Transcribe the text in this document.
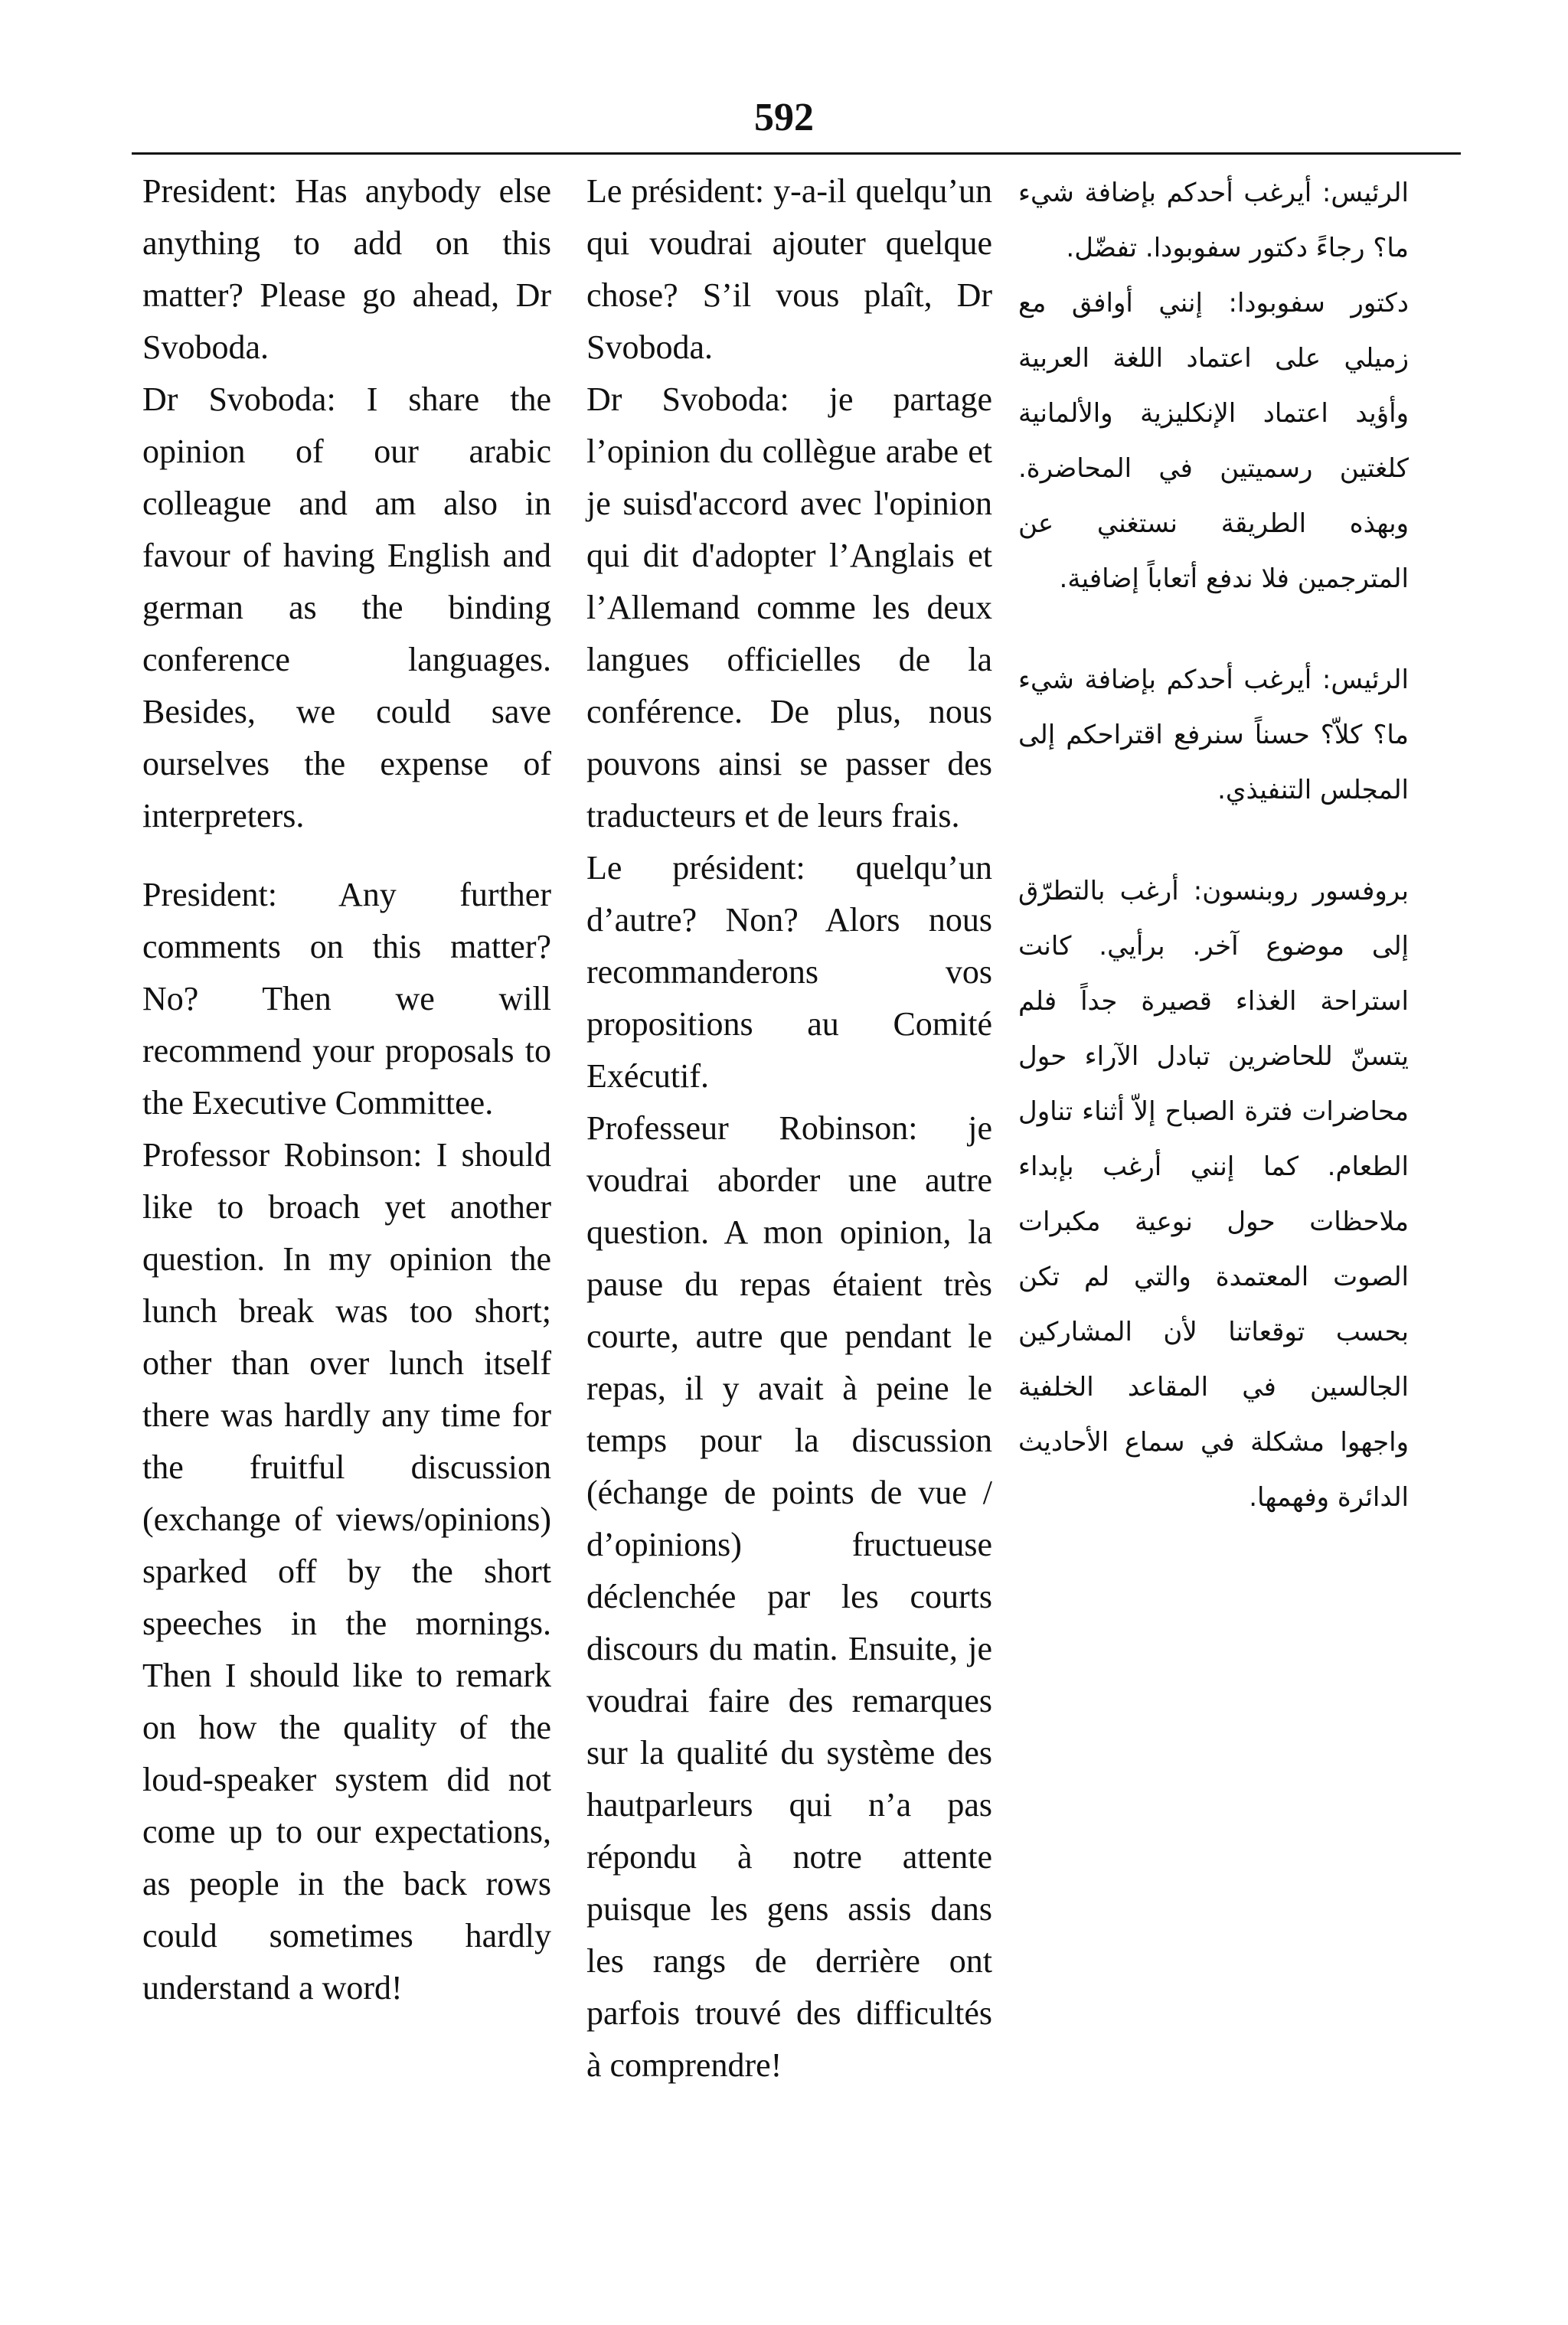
592

President: Has anybody else anything to add on this matter? Please go ahead, Dr Svoboda.

Dr Svoboda: I share the opinion of our arabic colleague and am also in favour of having English and german as the binding conference languages. Besides, we could save ourselves the expense of interpreters.

President: Any further comments on this matter? No? Then we will recommend your proposals to the Executive Committee.

Professor Robinson: I should like to broach yet another question. In my opinion the lunch break was too short; other than over lunch itself there was hardly any time for the fruitful discussion (exchange of views/opinions) sparked off by the short speeches in the mornings. Then I should like to remark on how the quality of the loud-speaker system did not come up to our expectations, as people in the back rows could sometimes hardly understand a word!

Le président: y-a-il quelqu’un qui voudrai ajouter quelque chose? S’il vous plaît, Dr Svoboda.

Dr Svoboda: je partage l’opinion du collègue arabe et je suisd'accord avec l'opinion qui dit d'adopter l’Anglais et l’Allemand comme les deux langues officielles de la conférence. De plus, nous pouvons ainsi se passer des traducteurs et de leurs frais.

Le président: quelqu’un d’autre? Non? Alors nous recommanderons vos propositions au Comité Exécutif.

Professeur Robinson: je voudrai aborder une autre question. A mon opinion, la pause du repas étaient très courte, autre que pendant le repas, il y avait à peine le temps pour la discussion (échange de points de vue / d’opinions) fructueuse déclenchée par les courts discours du matin. Ensuite, je voudrai faire des remarques sur la qualité du système des hautparleurs qui n’a pas répondu à notre attente puisque les gens assis dans les rangs de derrière ont parfois trouvé des difficultés à comprendre!

الرئيس: أيرغب أحدكم بإضافة شيء ما؟ رجاءً دكتور سفوبودا. تفضّل.

دكتور سفوبودا: إنني أوافق مع زميلي على اعتماد اللغة العربية وأؤيد اعتماد الإنكليزية والألمانية كلغتين رسميتين في المحاضرة. وبهذه الطريقة نستغني عن المترجمين فلا ندفع أتعاباً إضافية.

الرئيس: أيرغب أحدكم بإضافة شيء ما؟ كلاّ؟ حسناً سنرفع اقتراحكم إلى المجلس التنفيذي.

بروفسور روبنسون: أرغب بالتطرّق إلى موضوع آخر. برأيي. كانت استراحة الغذاء قصيرة جداً فلم يتسنّ للحاضرين تبادل الآراء حول محاضرات فترة الصباح إلاّ أثناء تناول الطعام. كما إنني أرغب بإبداء ملاحظات حول نوعية مكبرات الصوت المعتمدة والتي لم تكن بحسب توقعاتنا لأن المشاركين الجالسين في المقاعد الخلفية واجهوا مشكلة في سماع الأحاديث الدائرة وفهمها.
